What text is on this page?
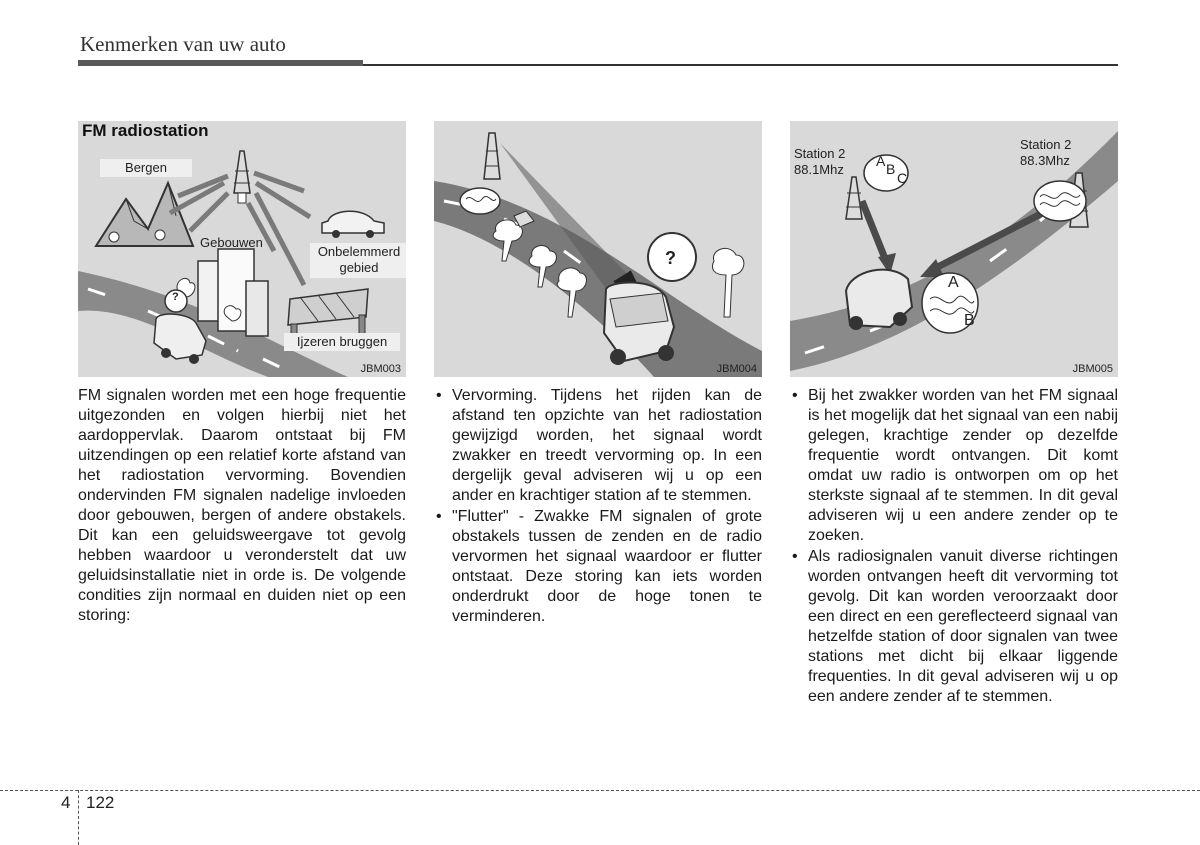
Kenmerken van uw auto
FM radiostation
Bergen
Gebouwen
Onbelemmerd
gebied
Ijzeren bruggen
?
JBM003
?
JBM004
Station 2
88.1Mhz
Station 2
88.3Mhz
A B
C
A
B
JBM005

FM signalen worden met een hoge frequentie uitgezonden en volgen hierbij niet het aardoppervlak. Daarom ontstaat bij FM uitzendingen op een relatief korte afstand van het radiostation vervorming. Bovendien ondervinden FM signalen nadelige invloeden door gebouwen, bergen of andere obstakels. Dit kan een geluidsweergave tot gevolg hebben waardoor u veronderstelt dat uw geluidsinstallatie niet in orde is. De volgende condities zijn normaal en duiden niet op een storing:

• Vervorming. Tijdens het rijden kan de afstand ten opzichte van het radiostation gewijzigd worden, het signaal wordt zwakker en treedt vervorming op. In een dergelijk geval adviseren wij u op een ander en krachtiger station af te stemmen.
• "Flutter" - Zwakke FM signalen of grote obstakels tussen de zenden en de radio vervormen het signaal waardoor er flutter ontstaat. Deze storing kan iets worden onderdrukt door de hoge tonen te verminderen.
• Bij het zwakker worden van het FM signaal is het mogelijk dat het signaal van een nabij gelegen, krachtige zender op dezelfde frequentie wordt ontvangen. Dit komt omdat uw radio is ontworpen om op het sterkste signaal af te stemmen. In dit geval adviseren wij u een andere zender op te zoeken.
• Als radiosignalen vanuit diverse richtingen worden ontvangen heeft dit vervorming tot gevolg. Dit kan worden veroorzaakt door een direct en een gereflecteerd signaal van hetzelfde station of door signalen van twee stations met dicht bij elkaar liggende frequenties. In dit geval adviseren wij u op een andere zender af te stemmen.
4 122
